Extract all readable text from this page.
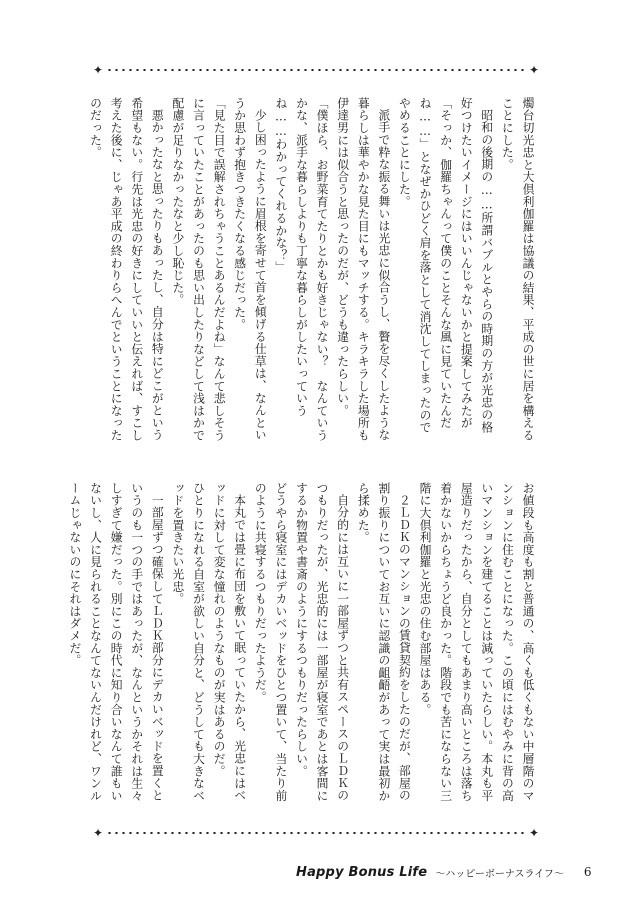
✦	✦

燭台切光忠と大倶利伽羅は協議の結果、平成の世に居を構えることにした。

昭和の後期の……所謂バブルとやらの時期の方が光忠の格好つけたいイメージにはいいんじゃないかと提案してみたが「そっか、伽羅ちゃんって僕のことそんな風に見ていたんだね……」となぜかひどく肩を落として消沈してしまったのでやめることにした。

派手で粋な振る舞いは光忠に似合うし、贅を尽くしたような暮らしは華やかな見た目にもマッチする。キラキラした場所も伊達男には似合うと思ったのだが、どうも違ったらしい。

「僕ほら、お野菜育てたりとかも好きじゃない？　なんていうかな、派手な暮らしよりも丁寧な暮らしがしたいっていうね……わかってくれるかな？」

少し困ったように眉根を寄せて首を傾げる仕草は、なんというか思わず抱きつきたくなる感じだった。

「見た目で誤解されちゃうことあるんだよね」なんて悲しそうに言っていたことがあったのも思い出したりなどして浅はかで配慮が足りなかったなと少し恥じた。

悪かったなと思ったりもあったし、自分は特にどこがという希望もない。行先は光忠の好きにしていいと伝えれば、すこし考えた後に、じゃあ平成の終わりらへんでということになったのだった。

お値段も高度も割と普通の、高くも低くもない中層階のマンションに住むことになった。この頃にはむやみに背の高いマンションを建てることは減っていたらしい。本丸も平屋造りだったから、自分としてもあまり高いところは落ち着かないからちょうど良かった。階段でも苦にならない三階に大倶利伽羅と光忠の住む部屋はある。

２ＬＤＫのマンションの賃貸契約をしたのだが、部屋の割り振りについてお互いに認識の齟齬があって実は最初から揉めた。

自分的には互いに一部屋ずつと共有スペースのＬＤＫのつもりだったが、光忠的には一部屋が寝室であとは客間にするか物置や書斎のようにするつもりだったらしい。

どうやら寝室にはデカいベッドをひとつ置いて、当たり前のように共寝するつもりだったようだ。

本丸では畳に布団を敷いて眠っていたから、光忠にはベッドに対して変な憧れのようなものが実はあるのだ。

ひとりになれる自室が欲しい自分と、どうしても大きなベッドを置きたい光忠。

一部屋ずつ確保してＬＤＫ部分にデカいベッドを置くというのも一つの手ではあったが、なんというかそれは生々しすぎて嫌だった。別にこの時代に知り合いなんて誰もいないし、人に見られることなんてないんだけれど、ワンルームじゃないのにそれはダメだ。

✦	✦
Happy Bonus Life 〜ハッピーボーナスライフ〜 6
